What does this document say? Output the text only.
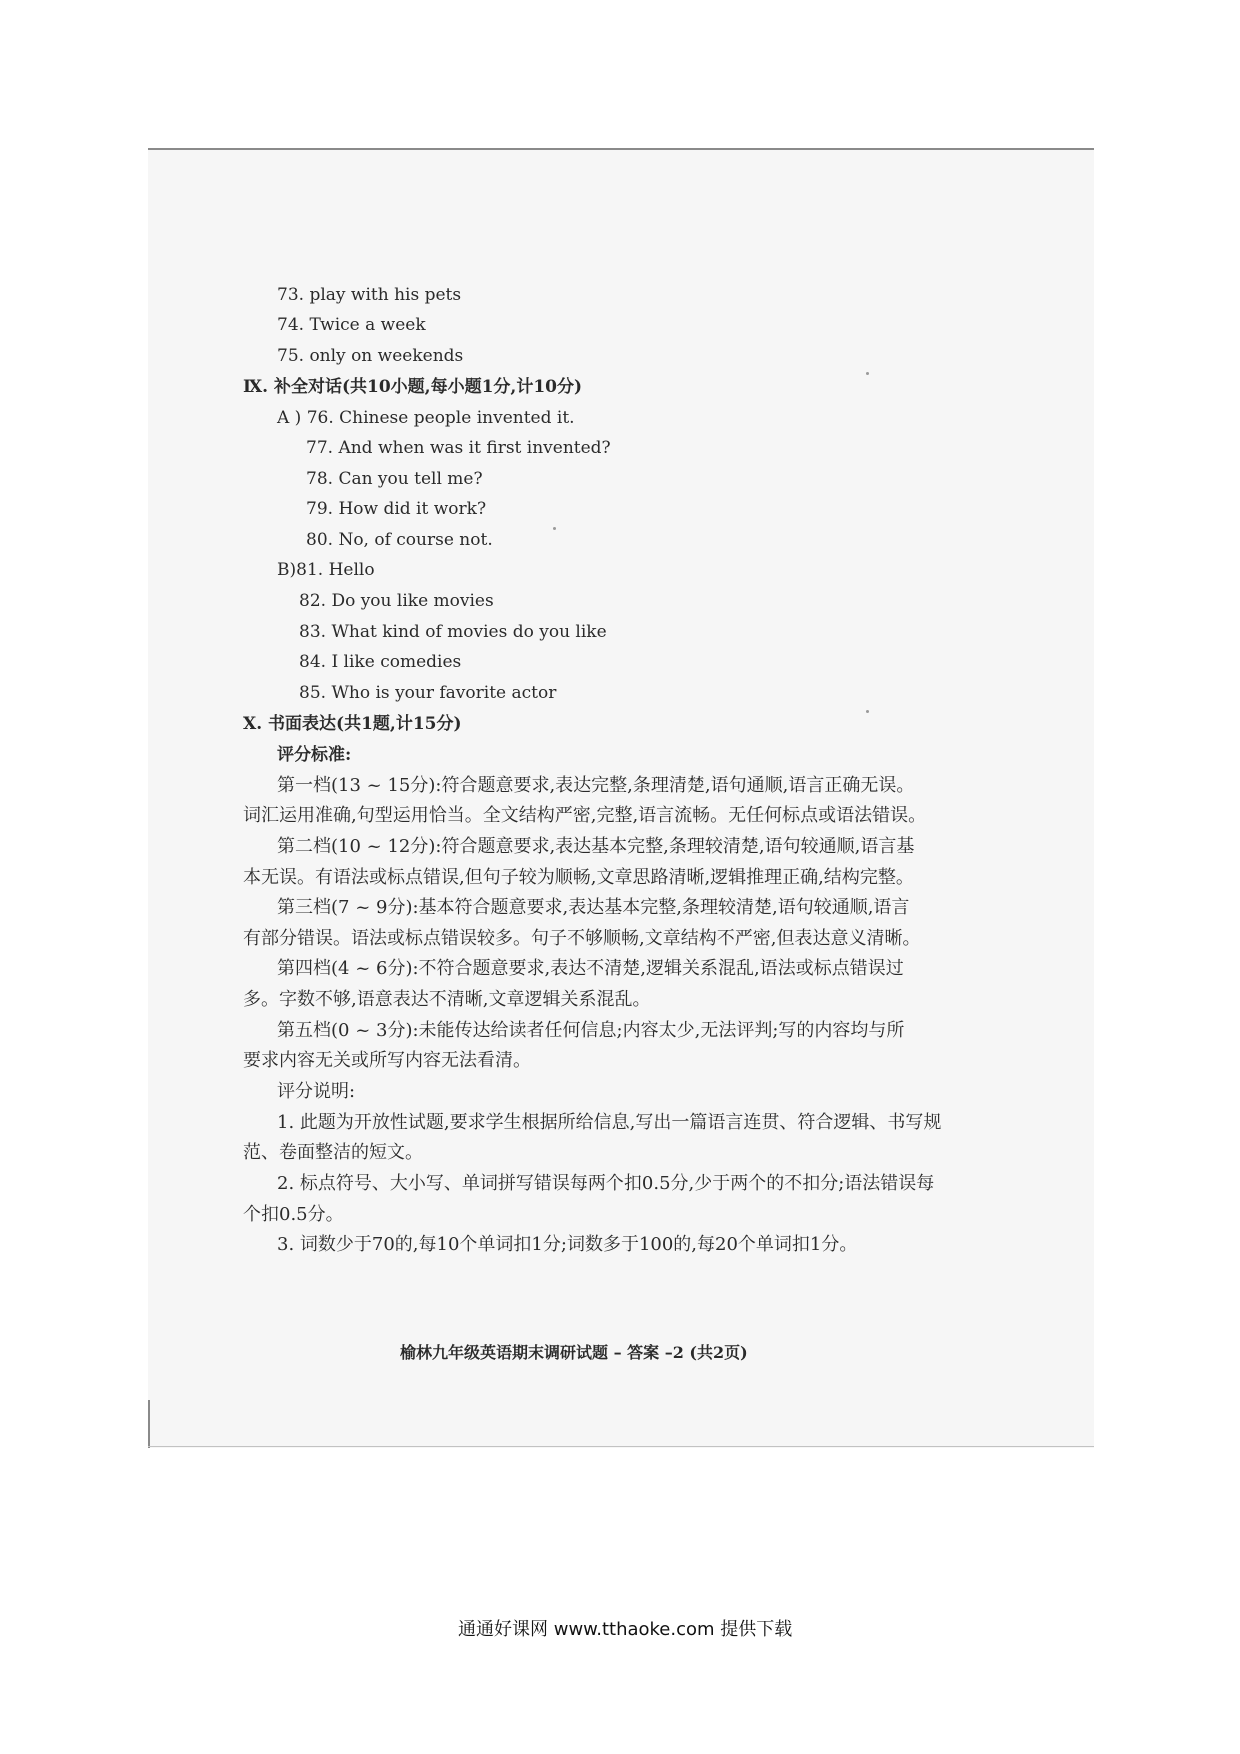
73. play with his pets
74. Twice a week
75. only on weekends
Ⅸ. 补全对话(共10小题,每小题1分,计10分)
A ) 76. Chinese people invented it.
77. And when was it first invented?
78. Can you tell me?
79. How did it work?
80. No, of course not.
B)81. Hello
82. Do you like movies
83. What kind of movies do you like
84. I like comedies
85. Who is your favorite actor
Ⅹ. 书面表达(共1题,计15分)
评分标准:
第一档(13 ~ 15分):符合题意要求,表达完整,条理清楚,语句通顺,语言正确无误。
词汇运用准确,句型运用恰当。全文结构严密,完整,语言流畅。无任何标点或语法错误。
第二档(10 ~ 12分):符合题意要求,表达基本完整,条理较清楚,语句较通顺,语言基
本无误。有语法或标点错误,但句子较为顺畅,文章思路清晰,逻辑推理正确,结构完整。
第三档(7 ~ 9分):基本符合题意要求,表达基本完整,条理较清楚,语句较通顺,语言
有部分错误。语法或标点错误较多。句子不够顺畅,文章结构不严密,但表达意义清晰。
第四档(4 ~ 6分):不符合题意要求,表达不清楚,逻辑关系混乱,语法或标点错误过
多。字数不够,语意表达不清晰,文章逻辑关系混乱。
第五档(0 ~ 3分):未能传达给读者任何信息;内容太少,无法评判;写的内容均与所
要求内容无关或所写内容无法看清。
评分说明:
1. 此题为开放性试题,要求学生根据所给信息,写出一篇语言连贯、符合逻辑、书写规
范、卷面整洁的短文。
2. 标点符号、大小写、单词拼写错误每两个扣0.5分,少于两个的不扣分;语法错误每
个扣0.5分。
3. 词数少于70的,每10个单词扣1分;词数多于100的,每20个单词扣1分。
榆林九年级英语期末调研试题 – 答案 –2 (共2页)
通通好课网 www.tthaoke.com 提供下载
